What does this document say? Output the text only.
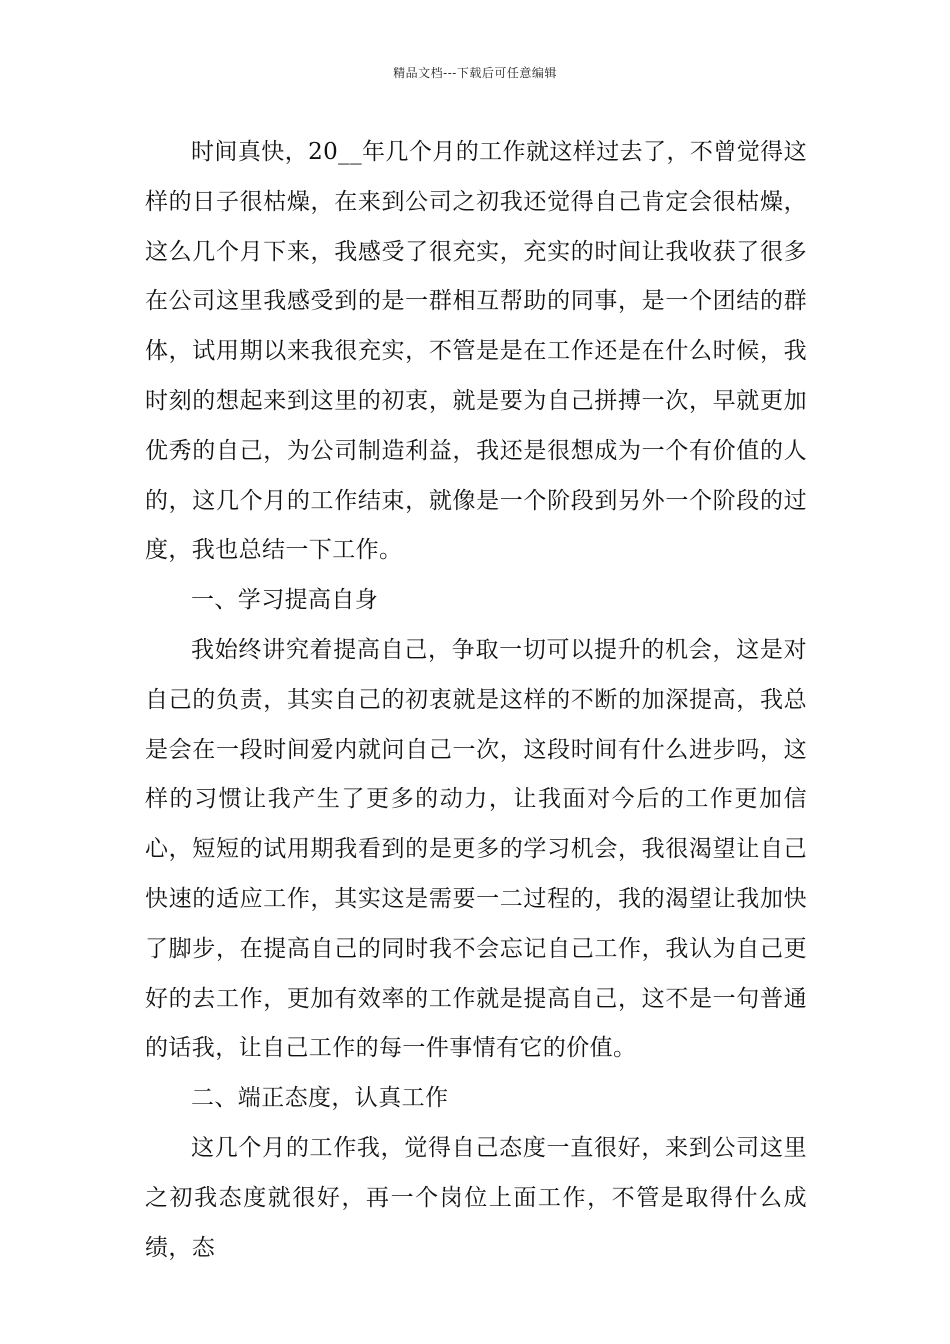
精品文档---下载后可任意编辑

时间真快，20__年几个月的工作就这样过去了，不曾觉得这样的日子很枯燥，在来到公司之初我还觉得自己肯定会很枯燥，这么几个月下来，我感受了很充实，充实的时间让我收获了很多在公司这里我感受到的是一群相互帮助的同事，是一个团结的群体，试用期以来我很充实，不管是是在工作还是在什么时候，我时刻的想起来到这里的初衷，就是要为自己拼搏一次，早就更加优秀的自己，为公司制造利益，我还是很想成为一个有价值的人的，这几个月的工作结束，就像是一个阶段到另外一个阶段的过度，我也总结一下工作。

一、学习提高自身

我始终讲究着提高自己，争取一切可以提升的机会，这是对自己的负责，其实自己的初衷就是这样的不断的加深提高，我总是会在一段时间爱内就问自己一次，这段时间有什么进步吗，这样的习惯让我产生了更多的动力，让我面对今后的工作更加信心，短短的试用期我看到的是更多的学习机会，我很渴望让自己快速的适应工作，其实这是需要一二过程的，我的渴望让我加快了脚步，在提高自己的同时我不会忘记自己工作，我认为自己更好的去工作，更加有效率的工作就是提高自己，这不是一句普通的话我，让自己工作的每一件事情有它的价值。

二、端正态度，认真工作

这几个月的工作我，觉得自己态度一直很好，来到公司这里之初我态度就很好，再一个岗位上面工作，不管是取得什么成绩，态
